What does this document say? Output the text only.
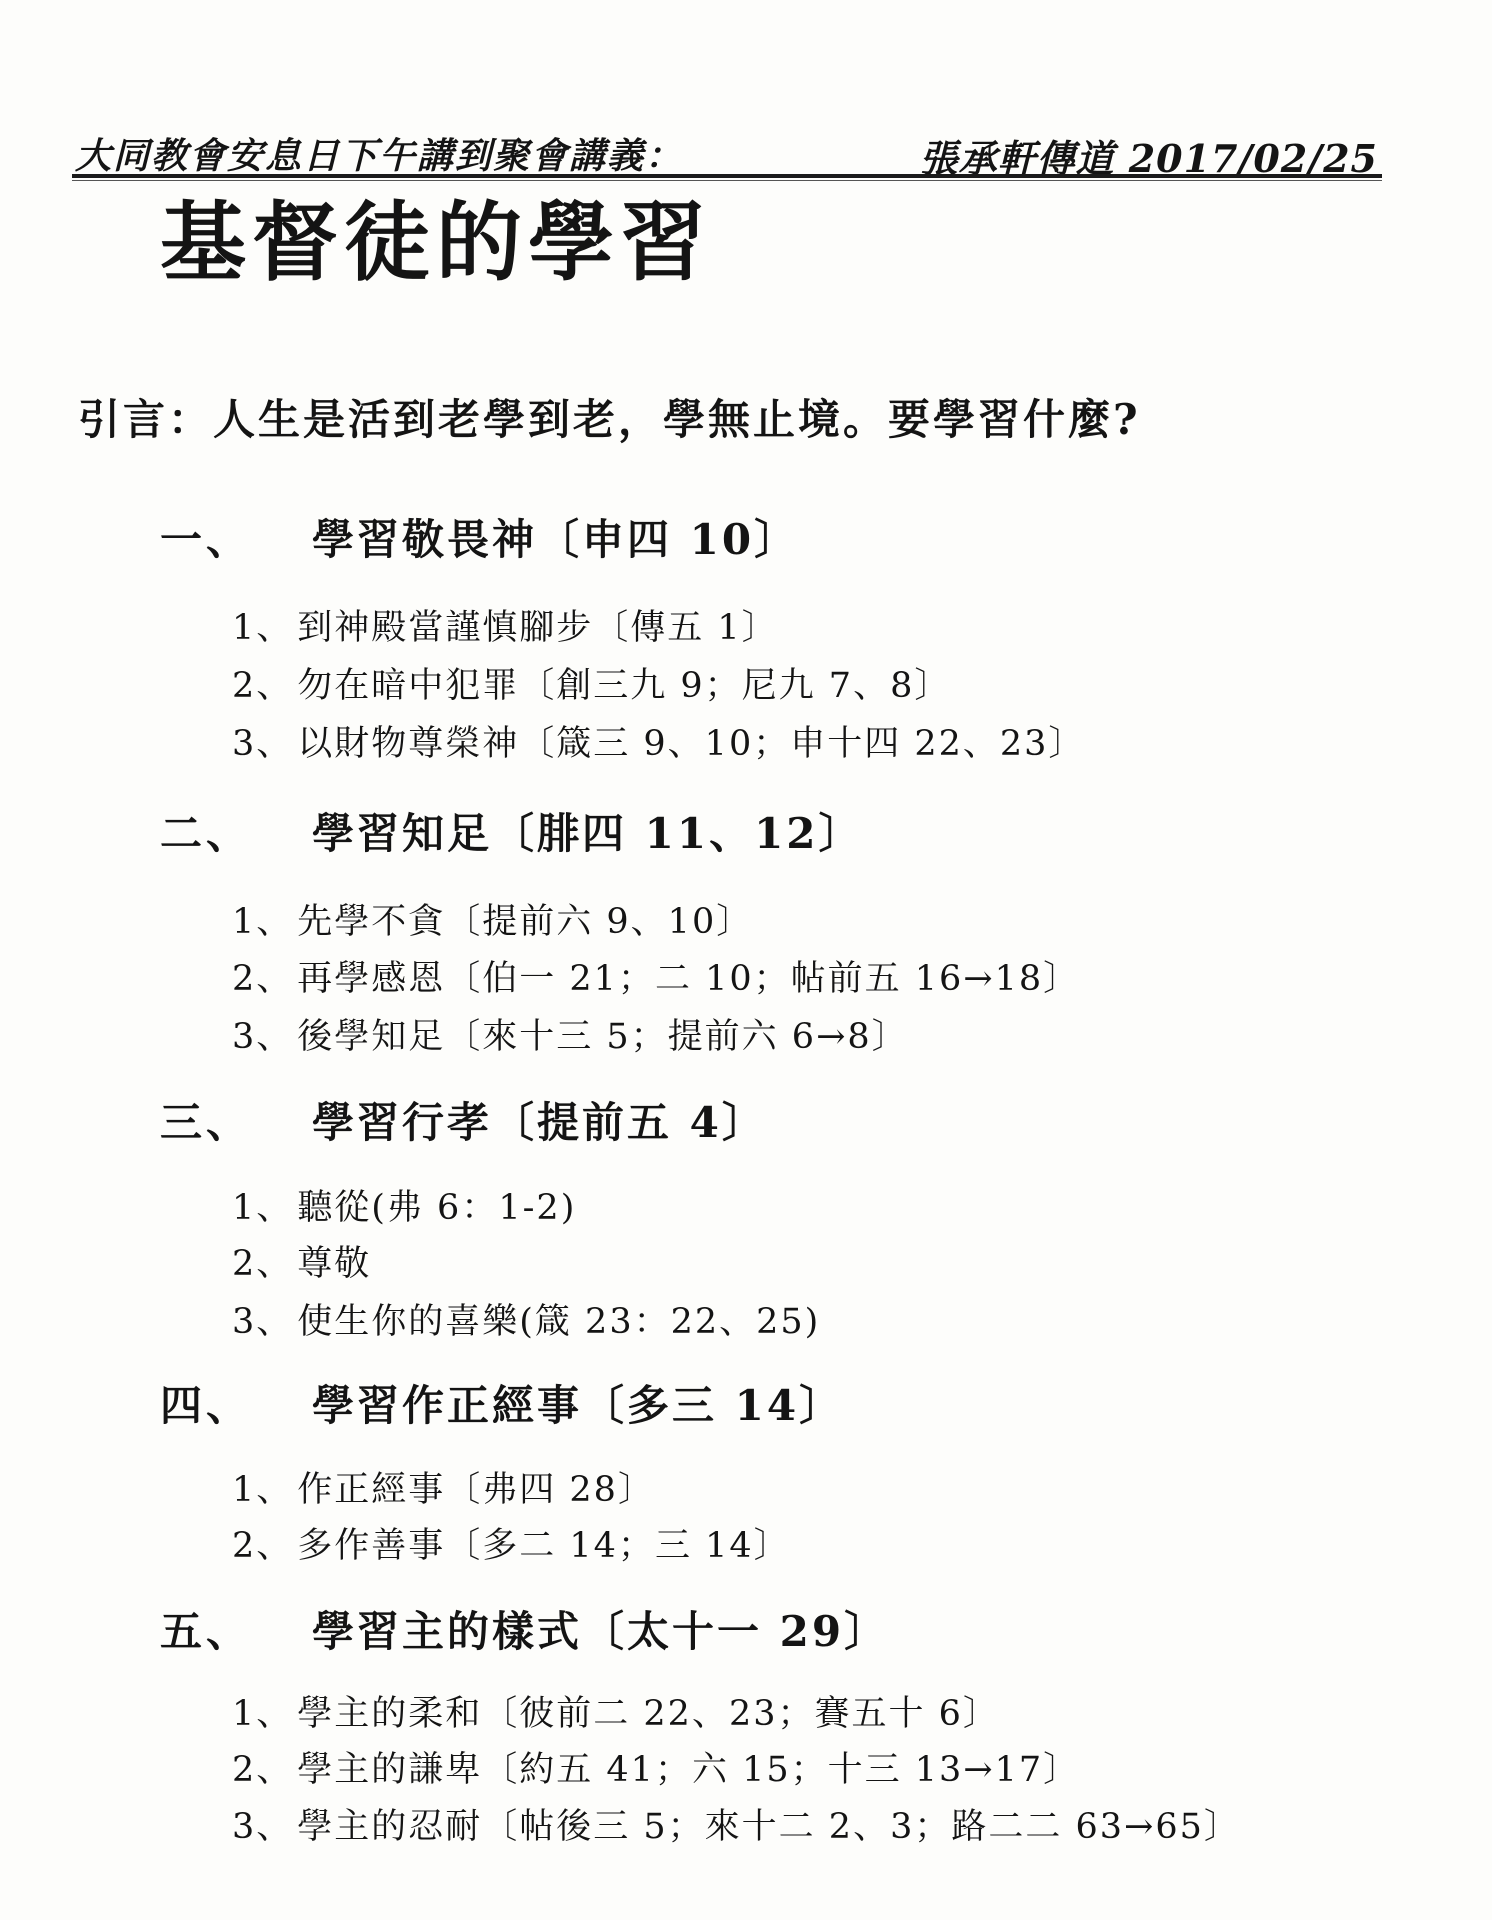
大同教會安息日下午講到聚會講義：	張承軒傳道 2017/02/25
基督徒的學習
引言：人生是活到老學到老，學無止境。要學習什麼?
一、 學習敬畏神〔申四 10〕
1、 到神殿當謹慎腳步〔傳五 1〕
2、 勿在暗中犯罪〔創三九 9；尼九 7、8〕
3、 以財物尊榮神〔箴三 9、10；申十四 22、23〕
二、 學習知足〔腓四 11、12〕
1、 先學不貪〔提前六 9、10〕
2、 再學感恩〔伯一 21；二 10；帖前五 16→18〕
3、 後學知足〔來十三 5；提前六 6→8〕
三、 學習行孝〔提前五 4〕
1、 聽從(弗 6：1-2)
2、 尊敬
3、 使生你的喜樂(箴 23：22、25)
四、 學習作正經事〔多三 14〕
1、 作正經事〔弗四 28〕
2、 多作善事〔多二 14；三 14〕
五、 學習主的樣式〔太十一 29〕
1、 學主的柔和〔彼前二 22、23；賽五十 6〕
2、 學主的謙卑〔約五 41；六 15；十三 13→17〕
3、 學主的忍耐〔帖後三 5；來十二 2、3；路二二 63→65〕
